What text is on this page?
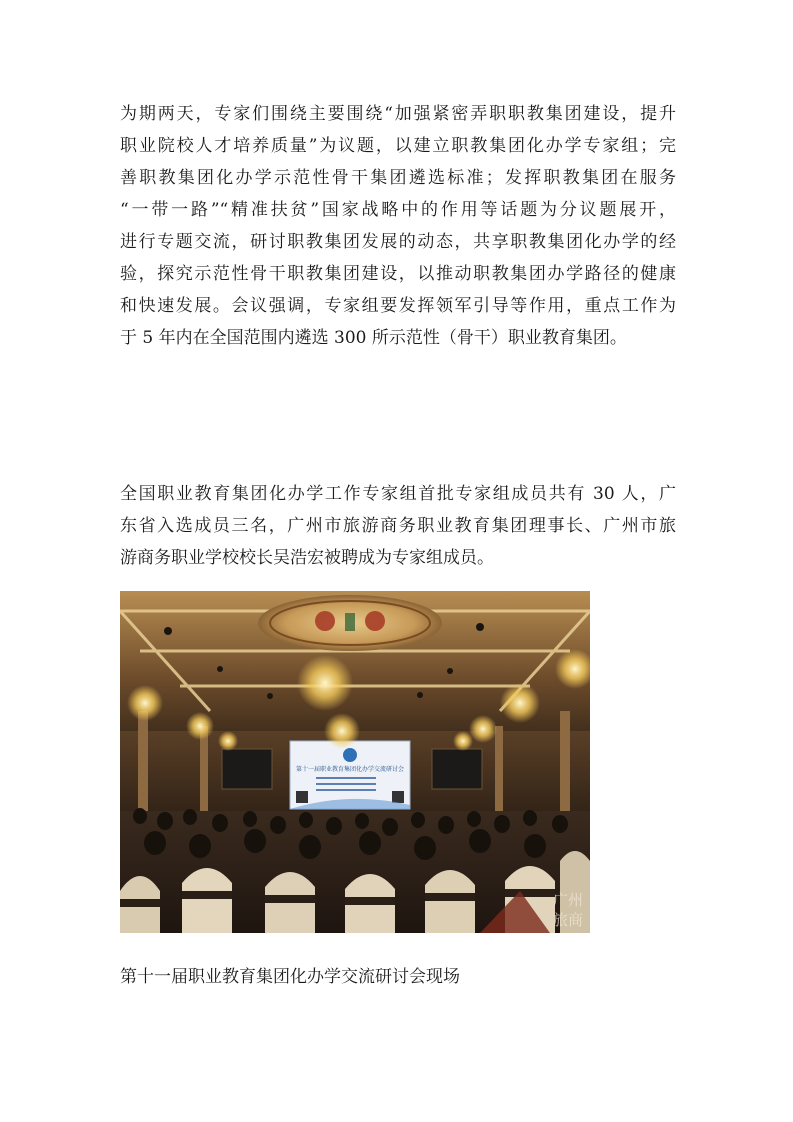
为期两天，专家们围绕主要围绕“加强紧密弄职职教集团建设，提升
职业院校人才培养质量”为议题，以建立职教集团化办学专家组；完
善职教集团化办学示范性骨干集团遴选标准；发挥职教集团在服务
“一带一路”“精准扶贫”国家战略中的作用等话题为分议题展开，
进行专题交流，研讨职教集团发展的动态，共享职教集团化办学的经
验，探究示范性骨干职教集团建设，以推动职教集团办学路径的健康
和快速发展。会议强调，专家组要发挥领军引导等作用，重点工作为
于 5 年内在全国范围内遴选 300 所示范性（骨干）职业教育集团。
全国职业教育集团化办学工作专家组首批专家组成员共有 30 人，广
东省入选成员三名，广州市旅游商务职业教育集团理事长、广州市旅
游商务职业学校校长吴浩宏被聘成为专家组成员。
第十一届职业教育集团化办学交流研讨会
广州
旅商
第十一届职业教育集团化办学交流研讨会现场
